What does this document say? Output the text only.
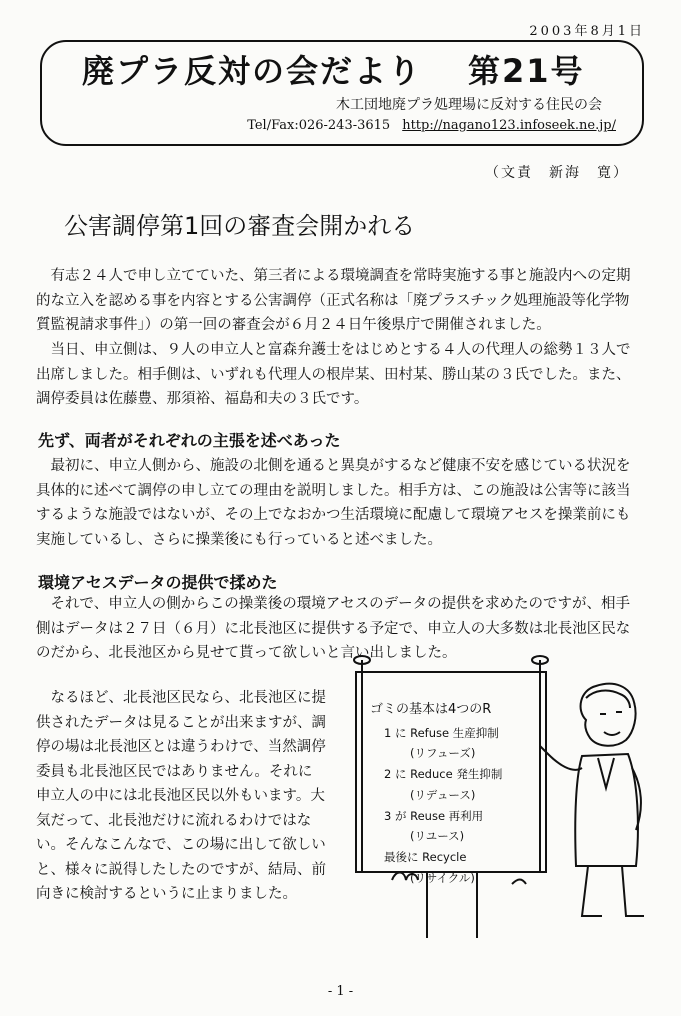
2003年8月1日
廃プラ反対の会だより 第21号
木工団地廃プラ処理場に反対する住民の会
Tel/Fax:026-243-3615 http://nagano123.infoseek.ne.jp/
（文責　新海　寛）
公害調停第1回の審査会開かれる

有志２４人で申し立てていた、第三者による環境調査を常時実施する事と施設内への定期的な立入を認める事を内容とする公害調停（正式名称は「廃プラスチック処理施設等化学物質監視請求事件」）の第一回の審査会が６月２４日午後県庁で開催されました。

当日、申立側は、９人の申立人と富森弁護士をはじめとする４人の代理人の総勢１３人で出席しました。相手側は、いずれも代理人の根岸某、田村某、勝山某の３氏でした。また、調停委員は佐藤豊、那須裕、福島和夫の３氏です。

先ず、両者がそれぞれの主張を述べあった

最初に、申立人側から、施設の北側を通ると異臭がするなど健康不安を感じている状況を具体的に述べて調停の申し立ての理由を説明しました。相手方は、この施設は公害等に該当するような施設ではないが、その上でなおかつ生活環境に配慮して環境アセスを操業前にも実施しているし、さらに操業後にも行っていると述べました。

環境アセスデータの提供で揉めた

それで、申立人の側からこの操業後の環境アセスのデータの提供を求めたのですが、相手側はデータは２７日（６月）に北長池区に提供する予定で、申立人の大多数は北長池区民なのだから、北長池区から見せて貰って欲しいと言い出しました。

なるほど、北長池区民なら、北長池区に提供されたデータは見ることが出来ますが、調停の場は北長池区とは違うわけで、当然調停委員も北長池区民ではありません。それに申立人の中には北長池区民以外もいます。大気だって、北長池だけに流れるわけではない。そんなこんなで、この場に出して欲しいと、様々に説得したしたのですが、結局、前向きに検討するというに止まりました。

ゴミの基本は4つのR
1 に Refuse 生産抑制
(リフューズ)
2 に Reduce 発生抑制
(リデュース)
3 が Reuse 再利用
(リユース)
最後に Recycle
(リサイクル)
- 1 -
